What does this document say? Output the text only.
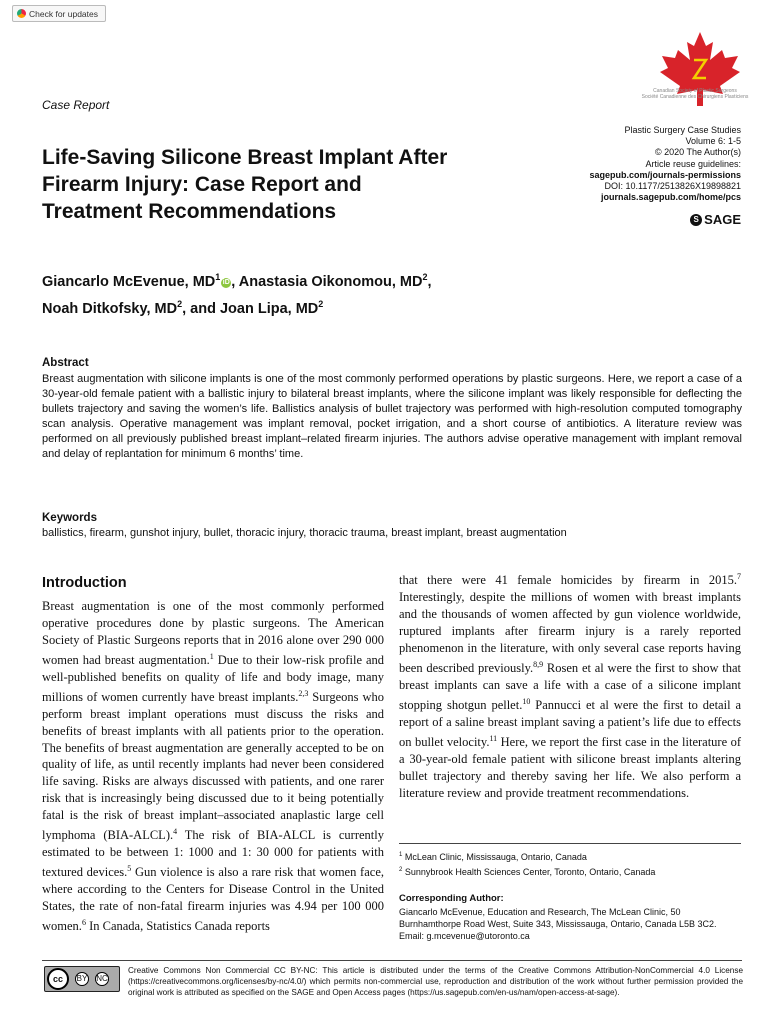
Check for updates
Canadian Society of Plastic Surgeons
Société Canadienne des Chirurgiens Plasticiens
Case Report
Plastic Surgery Case Studies
Volume 6: 1-5
© 2020 The Author(s)
Article reuse guidelines:
sagepub.com/journals-permissions
DOI: 10.1177/2513826X19898821
journals.sagepub.com/home/pcs
S SAGE
Life-Saving Silicone Breast Implant After Firearm Injury: Case Report and Treatment Recommendations
Giancarlo McEvenue, $MD^1iD$ , Anastasia Oikonomou, $MD^2$,
Noah Ditkofsky, $MD^2$, and Joan Lipa, $MD^2$
Abstract
Breast augmentation with silicone implants is one of the most commonly performed operations by plastic surgeons. Here, we report a case of a 30-year-old female patient with a ballistic injury to bilateral breast implants, where the silicone implant was likely responsible for deflecting the bullets trajectory and saving the women’s life. Ballistics analysis of bullet trajectory was performed with high-resolution computed tomography scan analysis. Operative management was implant removal, pocket irrigation, and a short course of antibiotics. A literature review was performed on all previously published breast implant–related firearm injuries. The authors advise operative management with implant removal and delay of replantation for minimum 6 months’ time.
Keywords
ballistics, firearm, gunshot injury, bullet, thoracic injury, thoracic trauma, breast implant, breast augmentation
Introduction
Breast augmentation is one of the most commonly performed operative procedures done by plastic surgeons. The American Society of Plastic Surgeons reports that in 2016 alone over 290 000 women had breast augmentation.$^1$ Due to their low-risk profile and well-published benefits on quality of life and body image, many millions of women currently have breast implants.$^{2,3}$ Surgeons who perform breast implant operations must discuss the risks and benefits of breast implants with all patients prior to the operation. The benefits of breast augmentation are generally accepted to be on quality of life, as until recently implants had never been considered life saving. Risks are always discussed with patients, and one rarer risk that is increasingly being discussed due to it being potentially fatal is the risk of breast implant–associated anaplastic large cell lymphoma (BIA-ALCL).$^4$ The risk of BIA-ALCL is currently estimated to be between 1: 1000 and 1: 30 000 for patients with textured devices.$^5$ Gun violence is also a rare risk that women face, where according to the Centers for Disease Control in the United States, the rate of non-fatal firearm injuries was 4.94 per 100 000 women.$^6$ In Canada, Statistics Canada reports
that there were 41 female homicides by firearm in 2015.$^7$ Interestingly, despite the millions of women with breast implants and the thousands of women affected by gun violence worldwide, ruptured implants after firearm injury is a rarely reported phenomenon in the literature, with only several case reports having been described previously.$^{8,9}$ Rosen et al were the first to show that breast implants can save a life with a case of a silicone implant stopping shotgun pellet.$^{10}$ Pannucci et al were the first to detail a report of a saline breast implant saving a patient’s life due to effects on bullet velocity.$^{11}$ Here, we report the first case in the literature of a 30-year-old female patient with silicone breast implants altering bullet trajectory and thereby saving her life. We also perform a literature review and provide treatment recommendations.
$^1$ McLean Clinic, Mississauga, Ontario, Canada
$^2$ Sunnybrook Health Sciences Center, Toronto, Ontario, Canada
Corresponding Author:
Giancarlo McEvenue, Education and Research, The McLean Clinic, 50 Burnhamthorpe Road West, Suite 343, Mississauga, Ontario, Canada L5B 3C2.
Email: g.mcevenue@utoronto.ca
cc	BY NC
Creative Commons Non Commercial CC BY-NC: This article is distributed under the terms of the Creative Commons Attribution-NonCommercial 4.0 License (https://creativecommons.org/licenses/by-nc/4.0/) which permits non-commercial use, reproduction and distribution of the work without further permission provided the original work is attributed as specified on the SAGE and Open Access pages (https://us.sagepub.com/en-us/nam/open-access-at-sage).
